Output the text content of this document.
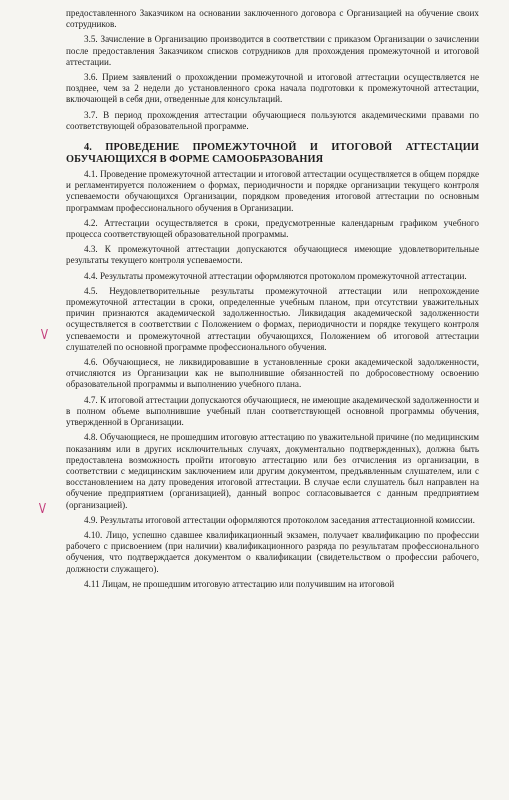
предоставленного Заказчиком на основании заключенного договора с Организацией на обучение своих сотрудников.

3.5. Зачисление в Организацию производится в соответствии с приказом Организации о зачислении после предоставления Заказчиком списков сотрудников для прохождения промежуточной и итоговой аттестации.

3.6. Прием заявлений о прохождении промежуточной и итоговой аттестации осуществляется не позднее, чем за 2 недели до установленного срока начала подготовки к промежуточной аттестации, включающей в себя дни, отведенные для консультаций.

3.7. В период прохождения аттестации обучающиеся пользуются академическими правами по соответствующей образовательной программе.

4. ПРОВЕДЕНИЕ ПРОМЕЖУТОЧНОЙ И ИТОГОВОЙ АТТЕСТАЦИИ ОБУЧАЮЩИХСЯ В ФОРМЕ САМООБРАЗОВАНИЯ

4.1. Проведение промежуточной аттестации и итоговой аттестации осуществляется в общем порядке и регламентируется положением о формах, периодичности и порядке организации текущего контроля успеваемости обучающихся Организации, порядком проведения итоговой аттестации по основным программам профессионального обучения в Организации.

4.2. Аттестации осуществляется в сроки, предусмотренные календарным графиком учебного процесса соответствующей образовательной программы.

4.3. К промежуточной аттестации допускаются обучающиеся имеющие удовлетворительные результаты текущего контроля успеваемости.

4.4. Результаты промежуточной аттестации оформляются протоколом промежуточной аттестации.

4.5. Неудовлетворительные результаты промежуточной аттестации или непрохождение промежуточной аттестации в сроки, определенные учебным планом, при отсутствии уважительных причин признаются академической задолженностью. Ликвидация академической задолженности осуществляется в соответствии с Положением о формах, периодичности и порядке текущего контроля успеваемости и промежуточной аттестации обучающихся, Положением об итоговой аттестации слушателей по основной программе профессионального обучения.

4.6. Обучающиеся, не ликвидировавшие в установленные сроки академической задолженности, отчисляются из Организации как не выполнившие обязанностей по добросовестному освоению образовательной программы и выполнению учебного плана.

4.7. К итоговой аттестации допускаются обучающиеся, не имеющие академической задолженности и в полном объеме выполнившие учебный план соответствующей основной программы обучения, утвержденной в Организации.

4.8. Обучающиеся, не прошедшим итоговую аттестацию по уважительной причине (по медицинским показаниям или в других исключительных случаях, документально подтвержденных), должна быть предоставлена возможность пройти итоговую аттестацию или без отчисления из организации, в соответствии с медицинским заключением или другим документом, предъявленным слушателем, или с восстановлением на дату проведения итоговой аттестации. В случае если слушатель был направлен на обучение предприятием (организацией), данный вопрос согласовывается с данным предприятием (организацией).

4.9. Результаты итоговой аттестации оформляются протоколом заседания аттестационной комиссии.

4.10. Лицо, успешно сдавшее квалификационный экзамен, получает квалификацию по профессии рабочего с присвоением (при наличии) квалификационного разряда по результатам профессионального обучения, что подтверждается документом о квалификации (свидетельством о профессии рабочего, должности служащего).

4.11 Лицам, не прошедшим итоговую аттестацию или получившим на итоговой

V
V
